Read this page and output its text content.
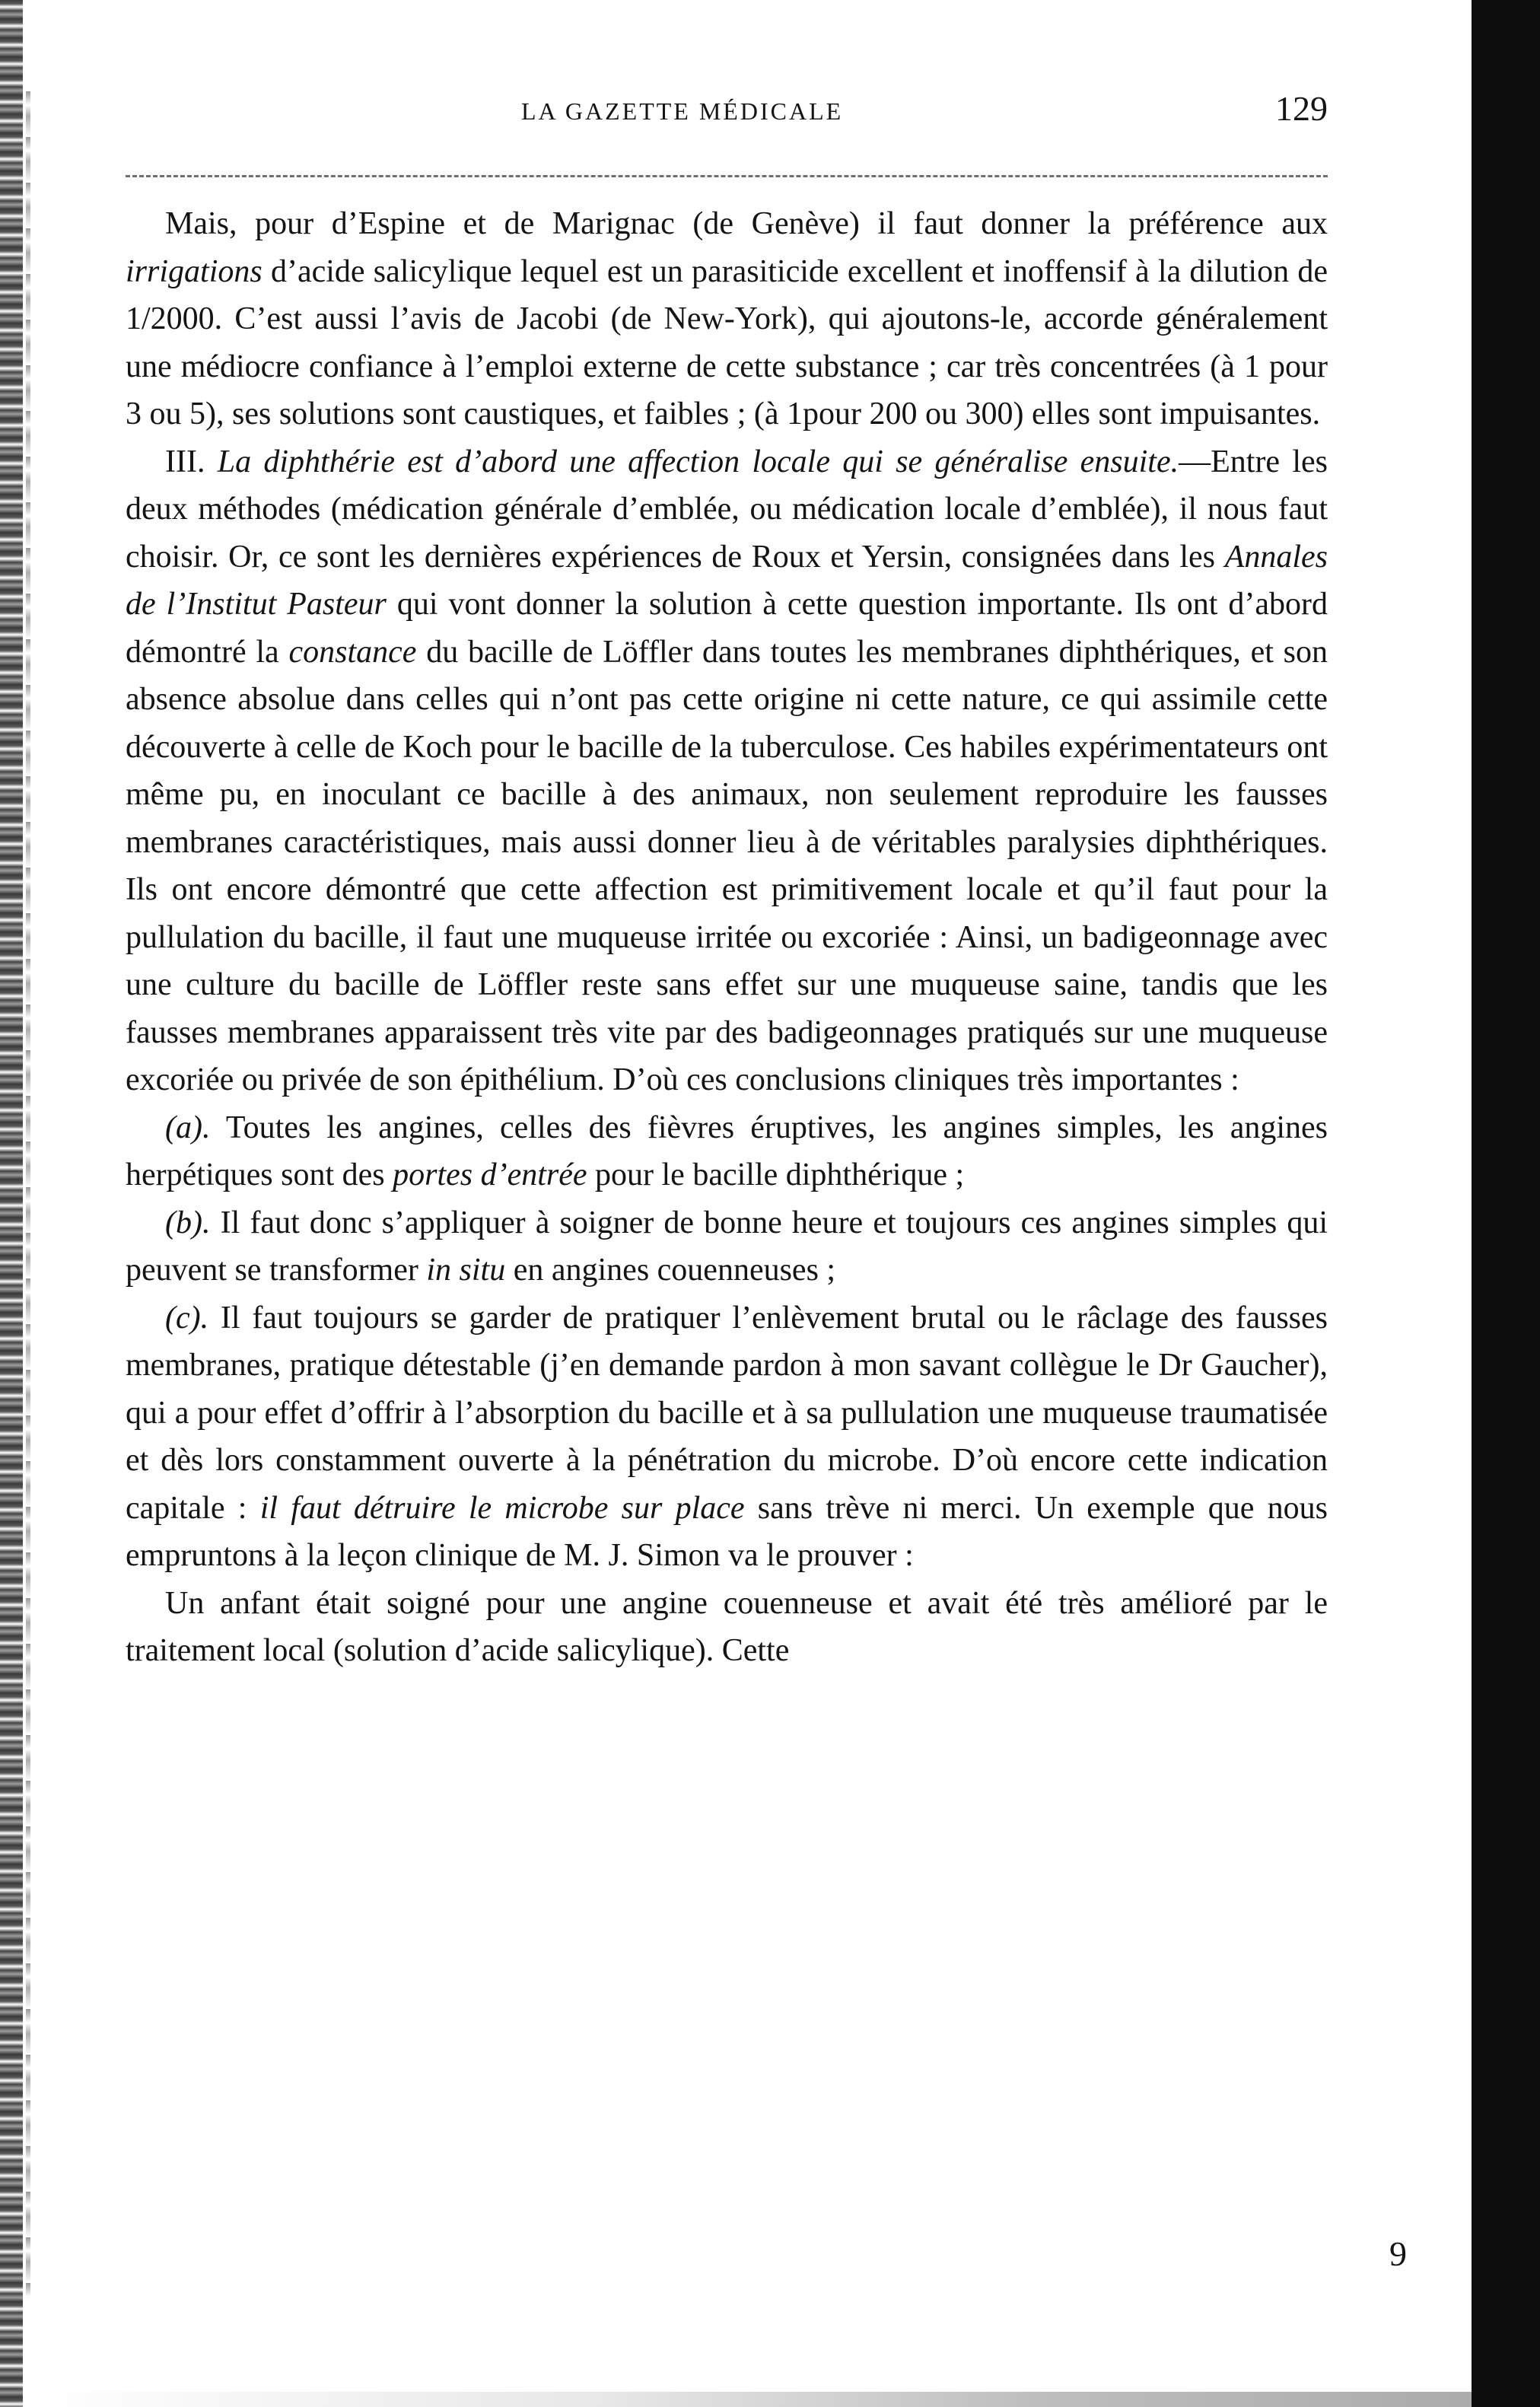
LA GAZETTE MÉDICALE	129

Mais, pour d’Espine et de Marignac (de Genève) il faut donner la préférence aux irrigations d’acide salicylique lequel est un parasiticide excellent et inoffensif à la dilution de 1/2000. C’est aussi l’avis de Jacobi (de New-York), qui ajoutons-le, accorde généralement une médiocre confiance à l’emploi externe de cette substance ; car très concentrées (à 1 pour 3 ou 5), ses solutions sont caustiques, et faibles ; (à 1pour 200 ou 300) elles sont impuisantes.

III. La diphthérie est d’abord une affection locale qui se généralise ensuite.—Entre les deux méthodes (médication générale d’emblée, ou médication locale d’emblée), il nous faut choisir. Or, ce sont les dernières expériences de Roux et Yersin, consignées dans les Annales de l’Institut Pasteur qui vont donner la solution à cette question importante. Ils ont d’abord démontré la constance du bacille de Löffler dans toutes les membranes diphthériques, et son absence absolue dans celles qui n’ont pas cette origine ni cette nature, ce qui assimile cette découverte à celle de Koch pour le bacille de la tuberculose. Ces habiles expérimentateurs ont même pu, en inoculant ce bacille à des animaux, non seulement reproduire les fausses membranes caractéristiques, mais aussi donner lieu à de véritables paralysies diphthériques. Ils ont encore démontré que cette affection est primitivement locale et qu’il faut pour la pullulation du bacille, il faut une muqueuse irritée ou excoriée : Ainsi, un badigeonnage avec une culture du bacille de Löffler reste sans effet sur une muqueuse saine, tandis que les fausses membranes apparaissent très vite par des badigeonnages pratiqués sur une muqueuse excoriée ou privée de son épithélium. D’où ces conclusions cliniques très importantes :

(a). Toutes les angines, celles des fièvres éruptives, les angines simples, les angines herpétiques sont des portes d’entrée pour le bacille diphthérique ;

(b). Il faut donc s’appliquer à soigner de bonne heure et toujours ces angines simples qui peuvent se transformer in situ en angines couenneuses ;

(c). Il faut toujours se garder de pratiquer l’enlèvement brutal ou le râclage des fausses membranes, pratique détestable (j’en demande pardon à mon savant collègue le Dr Gaucher), qui a pour effet d’offrir à l’absorption du bacille et à sa pullulation une muqueuse traumatisée et dès lors constamment ouverte à la pénétration du microbe. D’où encore cette indication capitale : il faut détruire le microbe sur place sans trève ni merci. Un exemple que nous empruntons à la leçon clinique de M. J. Simon va le prouver :

Un anfant était soigné pour une angine couenneuse et avait été très amélioré par le traitement local (solution d’acide salicylique). Cette

9
